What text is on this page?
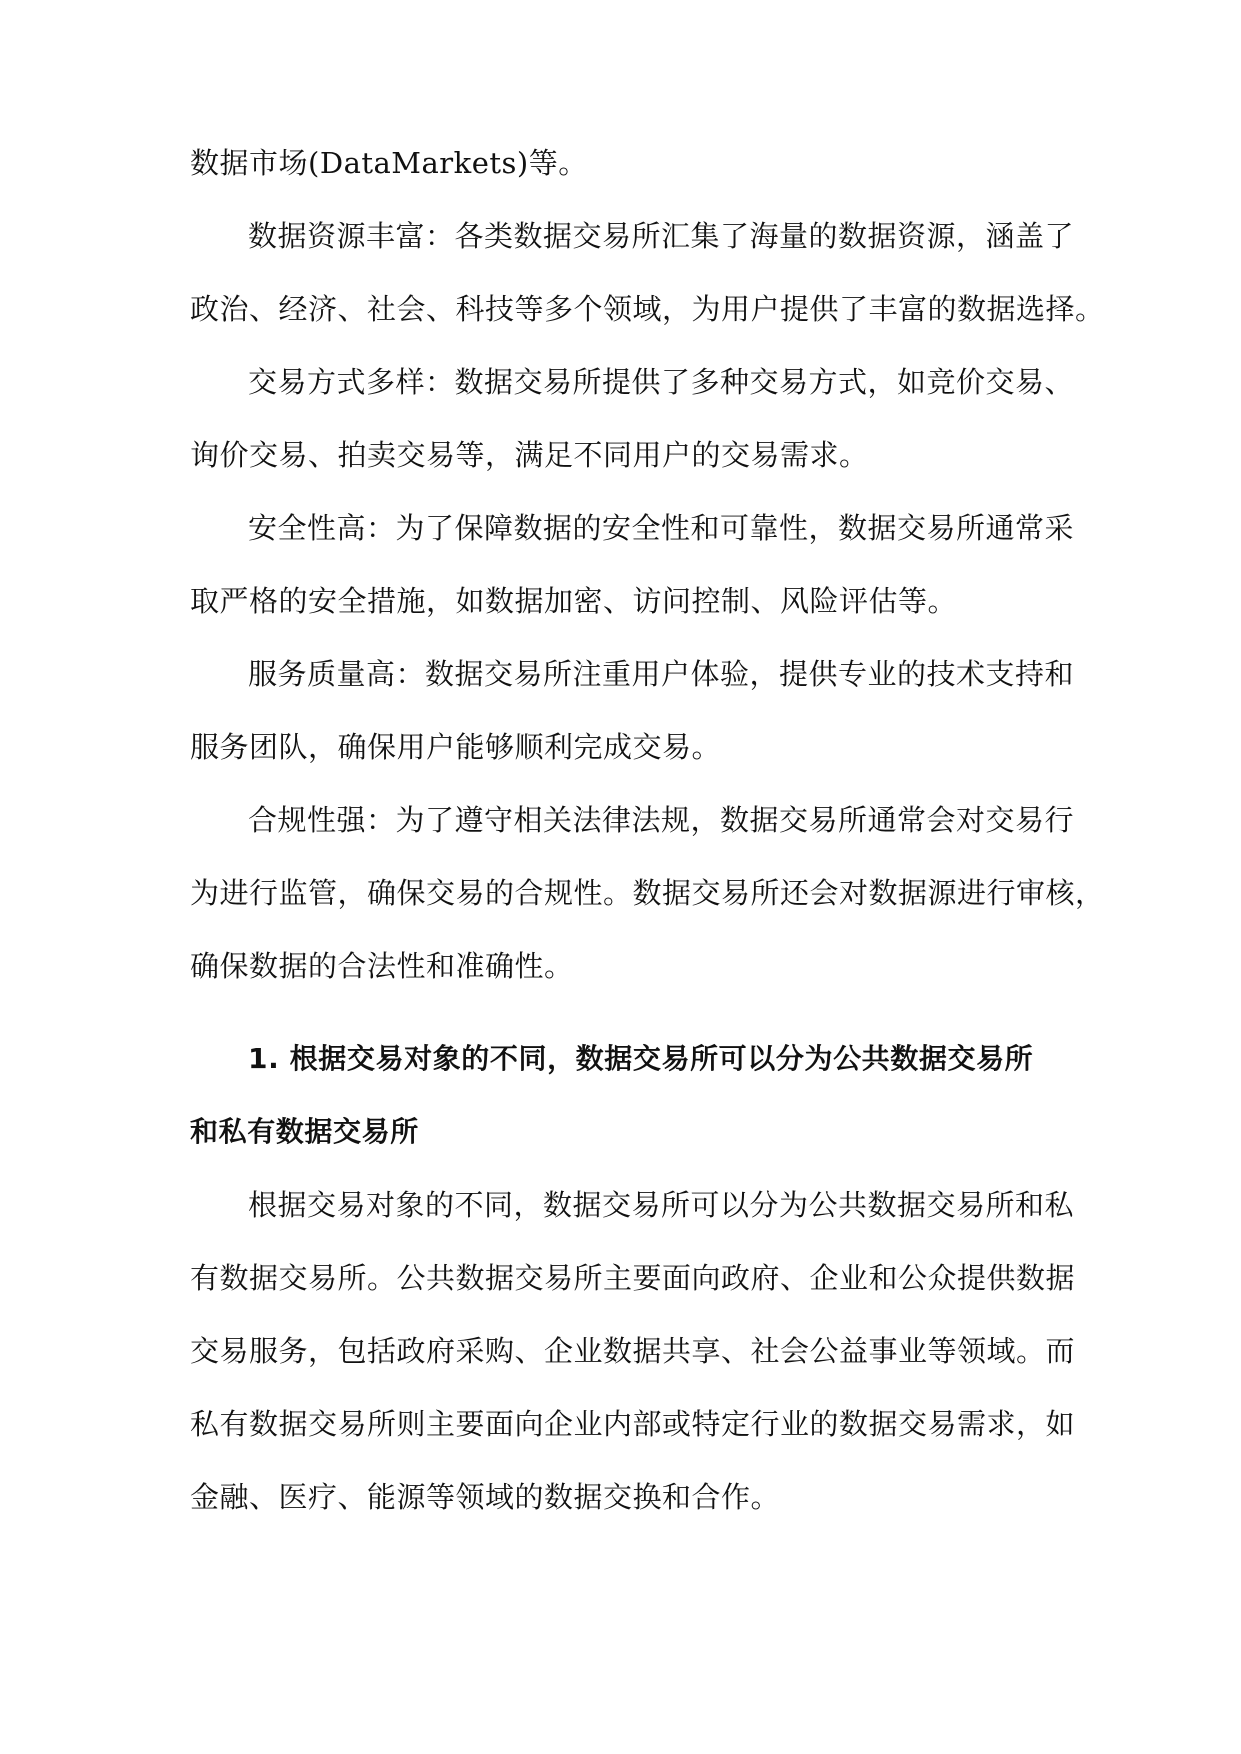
数据市场(DataMarkets)等。
数据资源丰富：各类数据交易所汇集了海量的数据资源，涵盖了
政治、经济、社会、科技等多个领域，为用户提供了丰富的数据选择。
交易方式多样：数据交易所提供了多种交易方式，如竞价交易、
询价交易、拍卖交易等，满足不同用户的交易需求。
安全性高：为了保障数据的安全性和可靠性，数据交易所通常采
取严格的安全措施，如数据加密、访问控制、风险评估等。
服务质量高：数据交易所注重用户体验，提供专业的技术支持和
服务团队，确保用户能够顺利完成交易。
合规性强：为了遵守相关法律法规，数据交易所通常会对交易行
为进行监管，确保交易的合规性。数据交易所还会对数据源进行审核，
确保数据的合法性和准确性。
1. 根据交易对象的不同，数据交易所可以分为公共数据交易所
和私有数据交易所
根据交易对象的不同，数据交易所可以分为公共数据交易所和私
有数据交易所。公共数据交易所主要面向政府、企业和公众提供数据
交易服务，包括政府采购、企业数据共享、社会公益事业等领域。而
私有数据交易所则主要面向企业内部或特定行业的数据交易需求，如
金融、医疗、能源等领域的数据交换和合作。
